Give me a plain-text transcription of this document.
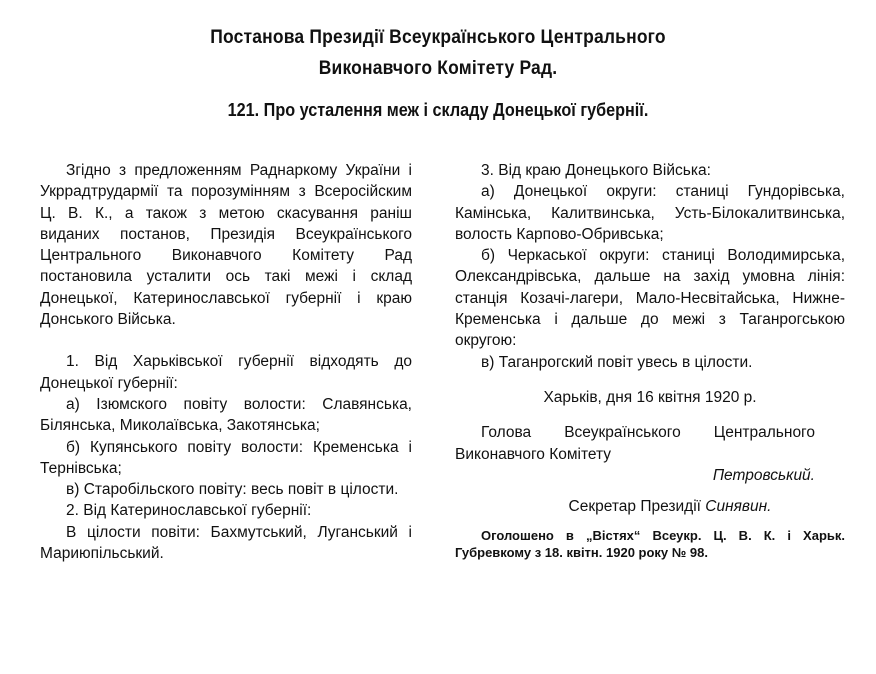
Постанова Президії Всеукраїнського Центрального
Виконавчого Комітету Рад.
121. Про усталення меж і складу Донецької губернії.

Згідно з предложенням Раднаркому України і Укррадтрудармії та порозумінням з Всеросійским Ц. В. К., а також з метою скасування раніш виданих постанов, Президія Всеукраїнського Центрального Виконавчого Комітету Рад постановила усталити ось такі межі і склад Донецької, Катеринославської губернії і краю Донського Війська.

1. Від Харьківської губернії відходять до Донецької губернії:

а) Ізюмского повіту волости: Славянська, Білянська, Миколаївська, Закотянська;

б) Купянського повіту волости: Кременська і Тернівська;

в) Старобільского повіту: весь повіт в цілости.

2. Від Катеринославської губернії:

В цілости повіти: Бахмутський, Луганський і Мариюпільський.

3. Від краю Донецького Війська:

а) Донецької округи: станиці Гундорівська, Камінська, Калитвинська, Усть-Білокалитвинська, волость Карпово-Обривська;

б) Черкаської округи: станиці Володимирська, Олександрівська, дальше на захід умовна лінія: станція Козачі-лагери, Мало-Несвітайська, Нижне-Кременська і дальше до межі з Таганрогською округою:

в) Таганрогский повіт увесь в цілости.

Харьків, дня 16 квітня 1920 р.

Голова Всеукраїнського Центрального Виконавчого Комітету

Петровський.

Секретар Президії Синявин.

Оголошено в „Вістях“ Всеукр. Ц. В. К. і Харьк. Губревкому з 18. квітн. 1920 року № 98.
